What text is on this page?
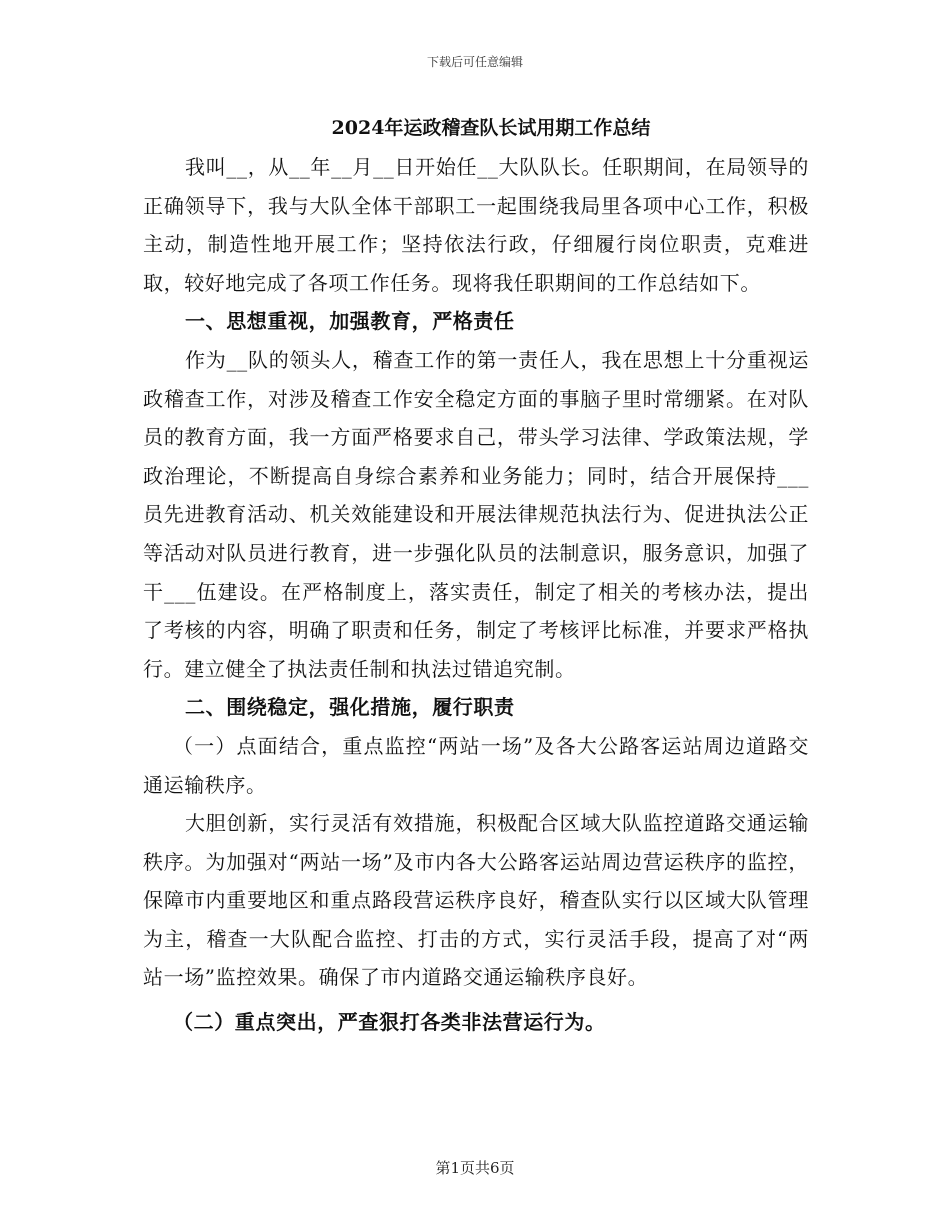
下载后可任意编辑
2024年运政稽查队长试用期工作总结

我叫__，从__年__月__日开始任__大队队长。任职期间，在局领导的正确领导下，我与大队全体干部职工一起围绕我局里各项中心工作，积极主动，制造性地开展工作；坚持依法行政，仔细履行岗位职责，克难进取，较好地完成了各项工作任务。现将我任职期间的工作总结如下。

一、思想重视，加强教育，严格责任

作为__队的领头人，稽查工作的第一责任人，我在思想上十分重视运政稽查工作，对涉及稽查工作安全稳定方面的事脑子里时常绷紧。在对队员的教育方面，我一方面严格要求自己，带头学习法律、学政策法规，学政治理论，不断提高自身综合素养和业务能力；同时，结合开展保持___员先进教育活动、机关效能建设和开展法律规范执法行为、促进执法公正等活动对队员进行教育，进一步强化队员的法制意识，服务意识，加强了干___伍建设。在严格制度上，落实责任，制定了相关的考核办法，提出了考核的内容，明确了职责和任务，制定了考核评比标准，并要求严格执行。建立健全了执法责任制和执法过错追究制。

二、围绕稳定，强化措施，履行职责

（一）点面结合，重点监控“两站一场”及各大公路客运站周边道路交通运输秩序。

大胆创新，实行灵活有效措施，积极配合区域大队监控道路交通运输秩序。为加强对“两站一场”及市内各大公路客运站周边营运秩序的监控，保障市内重要地区和重点路段营运秩序良好，稽查队实行以区域大队管理为主，稽查一大队配合监控、打击的方式，实行灵活手段，提高了对“两站一场”监控效果。确保了市内道路交通运输秩序良好。

（二）重点突出，严查狠打各类非法营运行为。

第1页共6页
